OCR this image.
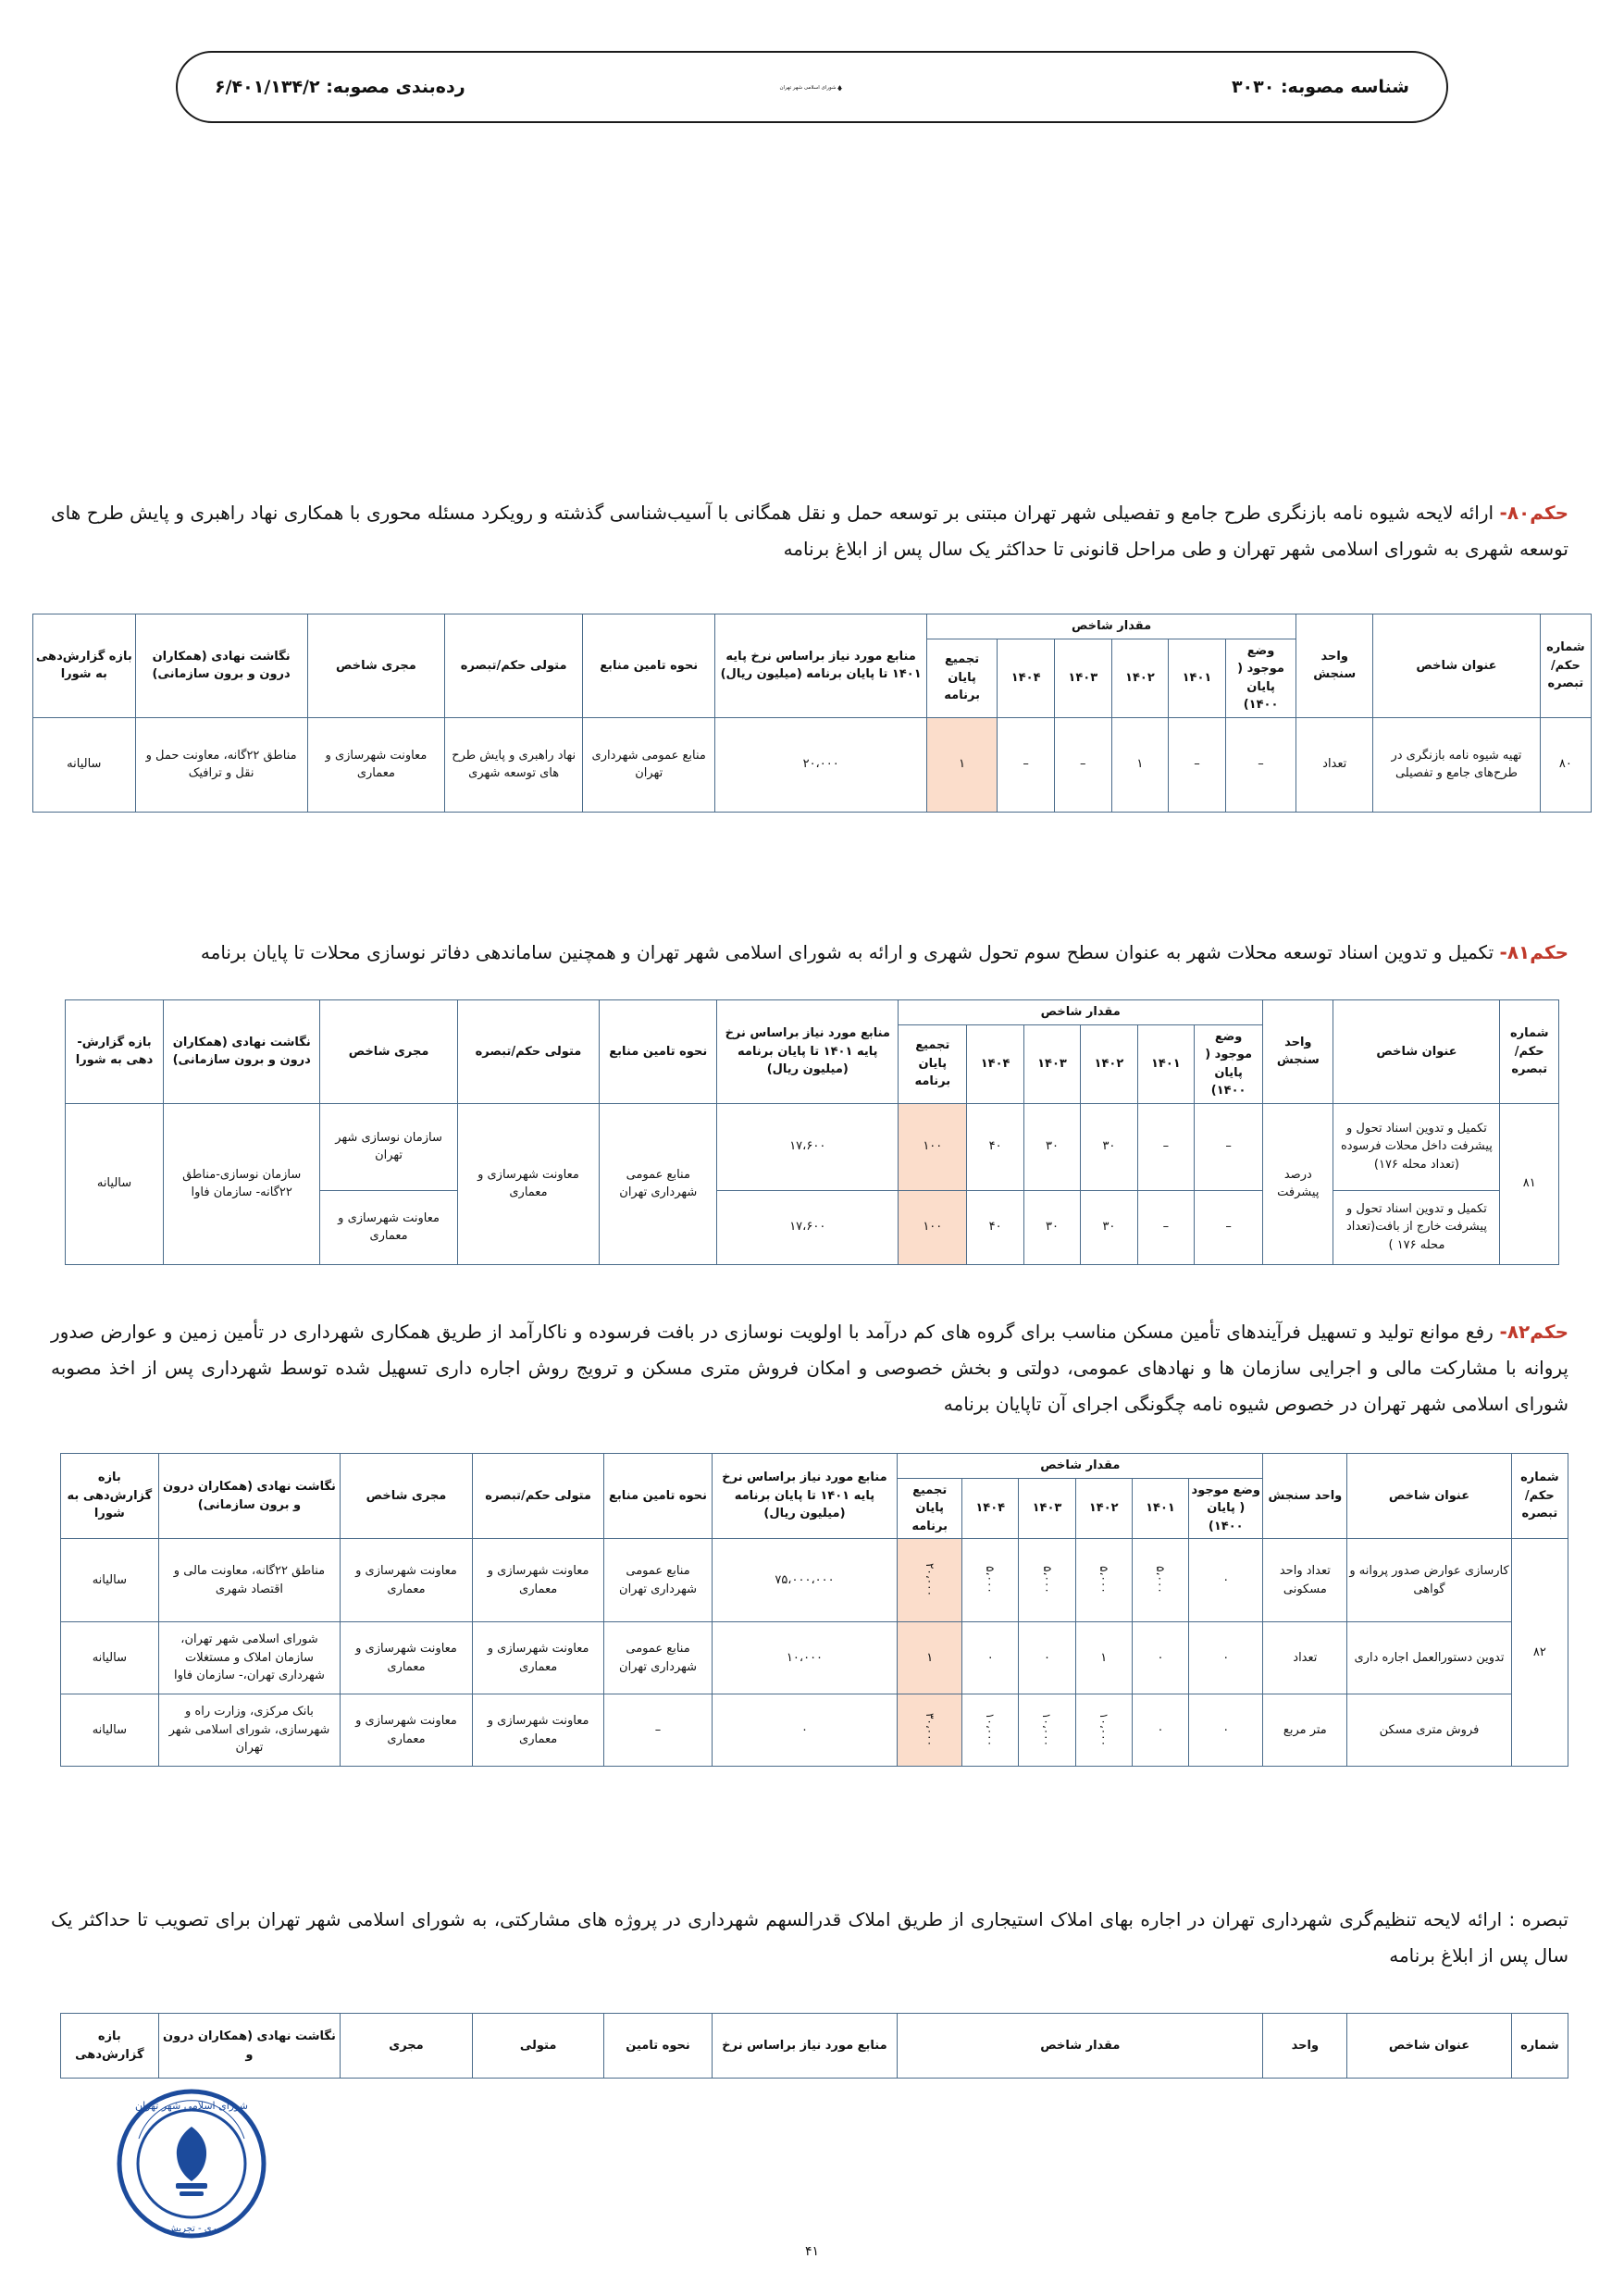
شناسه مصوبه: ۳۰۳۰
شورای اسلامی شهر تهران
رده‌بندی مصوبه: ۶/۴۰۱/۱۳۴/۲
حکم۸۰- ارائه لایحه شیوه نامه بازنگری طرح جامع و تفصیلی شهر تهران مبتنی بر توسعه حمل و نقل همگانی با آسیب‌شناسی گذشته و رویکرد مسئله محوری با همکاری نهاد راهبری و پایش طرح های توسعه شهری به شورای اسلامی شهر تهران و طی مراحل قانونی تا حداکثر یک سال پس از ابلاغ برنامه
شماره حکم/ تبصره	عنوان شاخص	واحد سنجش	مقدار شاخص						منابع مورد نیاز براساس نرخ پایه ۱۴۰۱ تا پایان برنامه (میلیون ریال)	نحوه تامین منابع	متولی حکم/تبصره	مجری شاخص	نگاشت نهادی (همکاران درون و برون سازمانی)	بازه گزارش‌دهی به شورا
			وضع موجود ( پایان ۱۴۰۰)	۱۴۰۱	۱۴۰۲	۱۴۰۳	۱۴۰۴	تجمیع پایان برنامه						
۸۰	تهیه شیوه نامه بازنگری در طرح‌های جامع و تفصیلی	تعداد	–	–	۱	–	–	۱	۲۰،۰۰۰	منابع عمومی شهرداری تهران	نهاد راهبری و پایش طرح های توسعه شهری	معاونت شهرسازی و معماری	مناطق ۲۲گانه، معاونت حمل و نقل و ترافیک	سالیانه
حکم۸۱- تکمیل و تدوین اسناد توسعه محلات شهر به عنوان سطح سوم تحول شهری و ارائه به شورای اسلامی شهر تهران و همچنین ساماندهی دفاتر نوسازی محلات تا پایان برنامه
شماره حکم/تبصره	عنوان شاخص	واحد سنجش	مقدار شاخص						منابع مورد نیاز براساس نرخ پایه ۱۴۰۱ تا پایان برنامه (میلیون ریال)	نحوه تامین منابع	متولی حکم/تبصره	مجری شاخص	نگاشت نهادی (همکاران درون و برون سازمانی)	بازه گزارش- دهی به شورا
			وضع موجود ( پایان ۱۴۰۰)	۱۴۰۱	۱۴۰۲	۱۴۰۳	۱۴۰۴	تجمیع پایان برنامه						
۸۱	تکمیل و تدوین اسناد تحول و پیشرفت داخل محلات فرسوده (تعداد محله ۱۷۶)	درصد پیشرفت	–	–	۳۰	۳۰	۴۰	۱۰۰	۱۷،۶۰۰	منابع عمومی شهرداری تهران	معاونت شهرسازی و معماری	سازمان نوسازی شهر تهران	سازمان نوسازی-مناطق ۲۲گانه- سازمان فاوا	سالیانه
	تکمیل و تدوین اسناد تحول و پیشرفت خارج از بافت(تعداد محله ۱۷۶ )		–	–	۳۰	۳۰	۴۰	۱۰۰	۱۷،۶۰۰			معاونت شهرسازی و معماری		
حکم۸۲- رفع موانع تولید و تسهیل فرآیندهای تأمین مسکن مناسب برای گروه های کم درآمد با اولویت نوسازی در بافت فرسوده و ناکارآمد از طریق همکاری شهرداری در تأمین زمین و عوارض صدور پروانه با مشارکت مالی و اجرایی سازمان ها و نهادهای عمومی، دولتی و بخش خصوصی و امکان فروش متری مسکن و ترویج روش اجاره داری تسهیل شده توسط شهرداری پس از اخذ مصوبه شورای اسلامی شهر تهران در خصوص شیوه نامه چگونگی اجرای آن تاپایان برنامه
شماره حکم/ تبصره	عنوان شاخص	واحد سنجش	مقدار شاخص						منابع مورد نیاز براساس نرخ پایه ۱۴۰۱ تا پایان برنامه (میلیون ریال)	نحوه تامین منابع	متولی حکم/تبصره	مجری شاخص	نگاشت نهادی (همکاران درون و برون سازمانی)	بازه گزارش‌دهی به شورا
			وضع موجود ( پایان ۱۴۰۰)	۱۴۰۱	۱۴۰۲	۱۴۰۳	۱۴۰۴	تجمیع پایان برنامه						
۸۲	کارسازی عوارض صدور پروانه و گواهی	تعداد واحد مسکونی	۰	۵،۰۰۰	۵،۰۰۰	۵،۰۰۰	۵،۰۰۰	۲۰،۰۰۰	۷۵،۰۰۰،۰۰۰	منابع عمومی شهرداری تهران	معاونت شهرسازی و معماری	معاونت شهرسازی و معماری	مناطق ۲۲گانه، معاونت مالی و اقتصاد شهری	سالیانه
	تدوین دستورالعمل اجاره داری	تعداد	۰	۰	۱	۰	۰	۱	۱۰،۰۰۰	منابع عمومی شهرداری تهران	معاونت شهرسازی و معماری	معاونت شهرسازی و معماری	شورای اسلامی شهر تهران، سازمان املاک و مستغلات شهرداری تهران،- سازمان فاوا	سالیانه
	فروش متری مسکن	متر مربع	۰	۰	۱۰،۰۰۰	۱۰،۰۰۰	۱۰،۰۰۰	۳۰،۰۰۰	۰	–	معاونت شهرسازی و معماری	معاونت شهرسازی و معماری	بانک مرکزی، وزارت راه و شهرسازی، شورای اسلامی شهر تهران	سالیانه
تبصره : ارائه لایحه تنظیم‌گری شهرداری تهران در اجاره بهای املاک استیجاری از طریق املاک قدرالسهم شهرداری در پروژه های مشارکتی، به شورای اسلامی شهر تهران برای تصویب تا حداکثر یک سال پس از ابلاغ برنامه
شماره	عنوان شاخص	واحد	مقدار شاخص	منابع مورد نیاز براساس نرخ	نحوه تامین	متولی	مجری	نگاشت نهادی (همکاران درون و	بازه گزارش‌دهی
شورای اسلامی شهر تهران
ری - تجریش
۴۱
